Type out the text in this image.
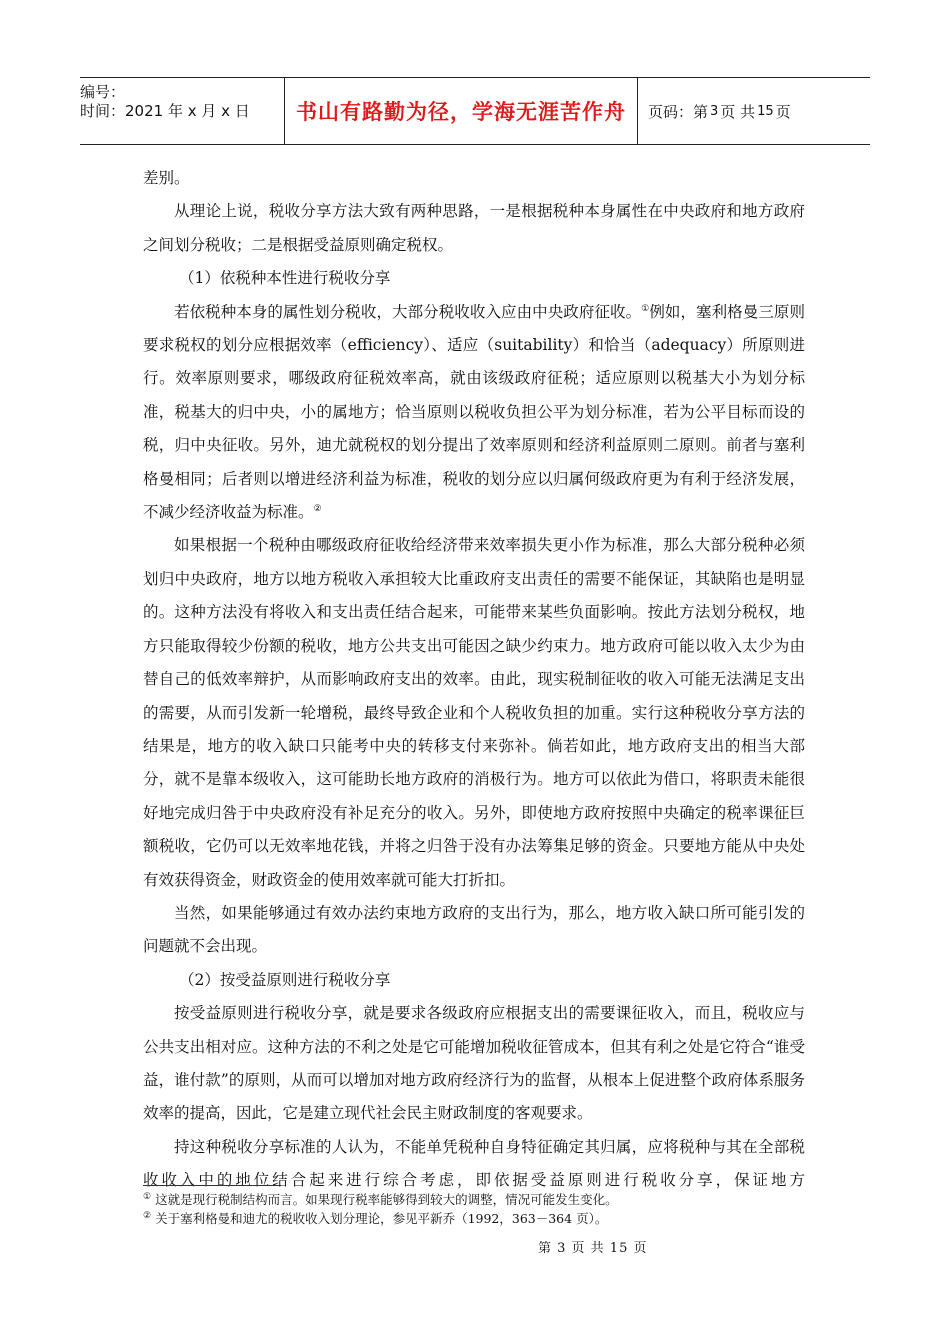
编号：
时间：2021 年 x 月 x 日	书山有路勤为径，学海无涯苦作舟	页码：第 3 页 共 15 页

差别。

从理论上说，税收分享方法大致有两种思路，一是根据税种本身属性在中央政府和地方政府之间划分税收；二是根据受益原则确定税权。

（1）依税种本性进行税收分享

若依税种本身的属性划分税收，大部分税收收入应由中央政府征收。①例如，塞利格曼三原则要求税权的划分应根据效率（efficiency）、适应（suitability）和恰当（adequacy）所原则进行。效率原则要求，哪级政府征税效率高，就由该级政府征税；适应原则以税基大小为划分标准，税基大的归中央，小的属地方；恰当原则以税收负担公平为划分标准，若为公平目标而设的税，归中央征收。另外，迪尤就税权的划分提出了效率原则和经济利益原则二原则。前者与塞利格曼相同；后者则以增进经济利益为标准，税收的划分应以归属何级政府更为有利于经济发展，不减少经济收益为标准。②

如果根据一个税种由哪级政府征收给经济带来效率损失更小作为标准，那么大部分税种必须划归中央政府，地方以地方税收入承担较大比重政府支出责任的需要不能保证，其缺陷也是明显的。这种方法没有将收入和支出责任结合起来，可能带来某些负面影响。按此方法划分税权，地方只能取得较少份额的税收，地方公共支出可能因之缺少约束力。地方政府可能以收入太少为由替自己的低效率辩护，从而影响政府支出的效率。由此，现实税制征收的收入可能无法满足支出的需要，从而引发新一轮增税，最终导致企业和个人税收负担的加重。实行这种税收分享方法的结果是，地方的收入缺口只能考中央的转移支付来弥补。倘若如此，地方政府支出的相当大部分，就不是靠本级收入，这可能助长地方政府的消极行为。地方可以依此为借口，将职责未能很好地完成归咎于中央政府没有补足充分的收入。另外，即使地方政府按照中央确定的税率课征巨额税收，它仍可以无效率地花钱，并将之归咎于没有办法筹集足够的资金。只要地方能从中央处有效获得资金，财政资金的使用效率就可能大打折扣。

当然，如果能够通过有效办法约束地方政府的支出行为，那么，地方收入缺口所可能引发的问题就不会出现。

（2）按受益原则进行税收分享

按受益原则进行税收分享，就是要求各级政府应根据支出的需要课征收入，而且，税收应与公共支出相对应。这种方法的不利之处是它可能增加税收征管成本，但其有利之处是它符合“谁受益，谁付款”的原则，从而可以增加对地方政府经济行为的监督，从根本上促进整个政府体系服务效率的提高，因此，它是建立现代社会民主财政制度的客观要求。

持这种税收分享标准的人认为，不能单凭税种自身特征确定其归属，应将税种与其在全部税收收入中的地位结合起来进行综合考虑，即依据受益原则进行税收分享，保证地方

① 这就是现行税制结构而言。如果现行税率能够得到较大的调整，情况可能发生变化。
② 关于塞利格曼和迪尤的税收收入划分理论，参见平新乔（1992，363－364 页）。
第 3 页 共 15 页
